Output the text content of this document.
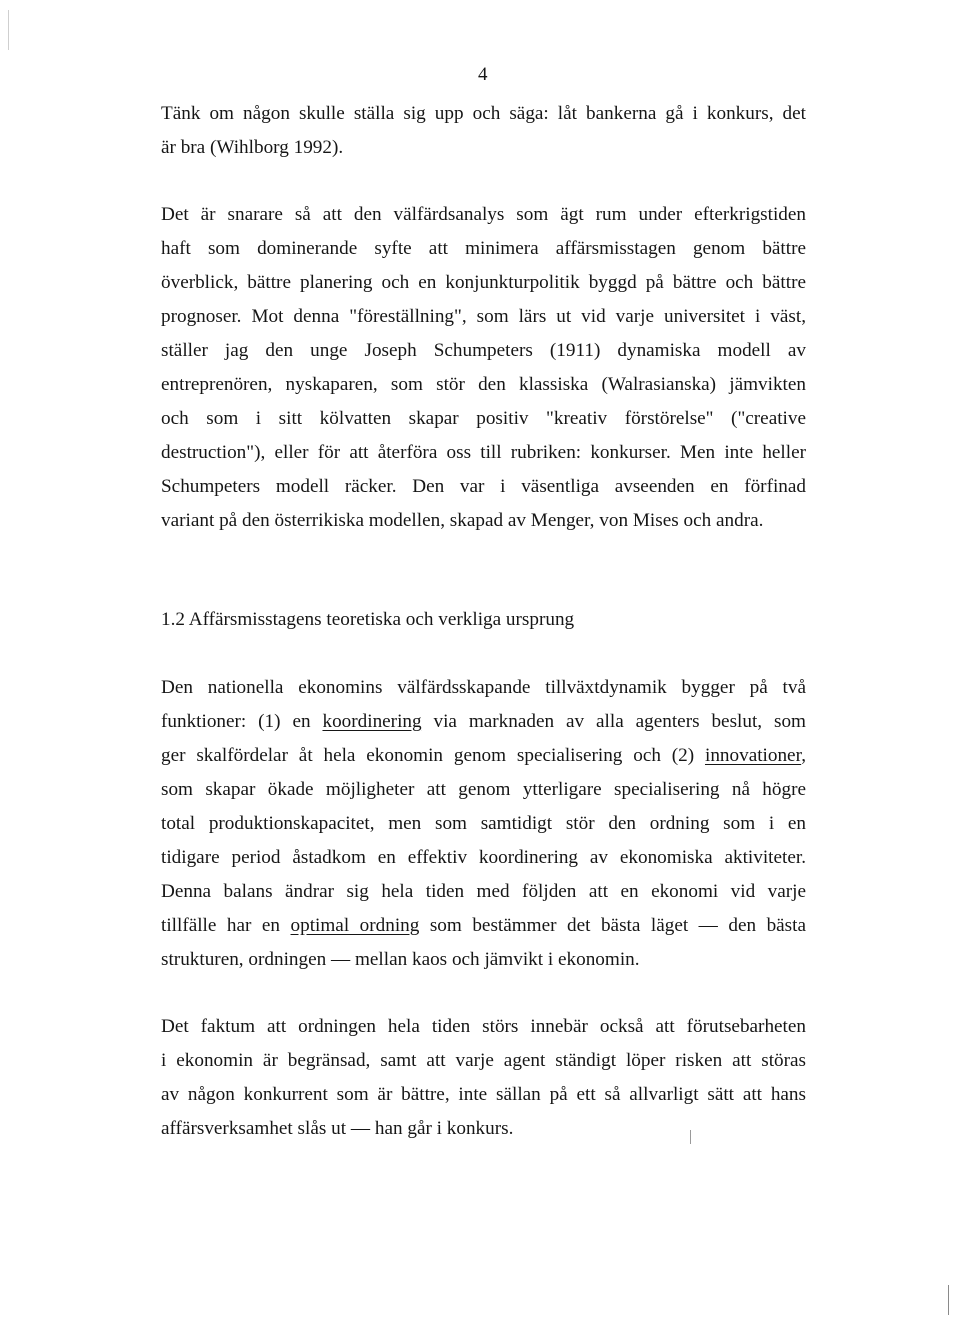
4
Tänk om någon skulle ställa sig upp och säga: låt bankerna gå i konkurs, det
är bra (Wihlborg 1992).
Det är snarare så att den välfärdsanalys som ägt rum under efterkrigstiden
haft som dominerande syfte att minimera affärsmisstagen genom bättre
överblick, bättre planering och en konjunkturpolitik byggd på bättre och bättre
prognoser. Mot denna "föreställning", som lärs ut vid varje universitet i väst,
ställer jag den unge Joseph Schumpeters (1911) dynamiska modell av
entreprenören, nyskaparen, som stör den klassiska (Walrasianska) jämvikten
och som i sitt kölvatten skapar positiv "kreativ förstörelse" ("creative
destruction"), eller för att återföra oss till rubriken: konkurser. Men inte heller
Schumpeters modell räcker. Den var i väsentliga avseenden en förfinad
variant på den österrikiska modellen, skapad av Menger, von Mises och andra.
1.2 Affärsmisstagens teoretiska och verkliga ursprung
Den nationella ekonomins välfärdsskapande tillväxtdynamik bygger på två
funktioner: (1) en koordinering via marknaden av alla agenters beslut, som
ger skalfördelar åt hela ekonomin genom specialisering och (2) innovationer,
som skapar ökade möjligheter att genom ytterligare specialisering nå högre
total produktionskapacitet, men som samtidigt stör den ordning som i en
tidigare period åstadkom en effektiv koordinering av ekonomiska aktiviteter.
Denna balans ändrar sig hela tiden med följden att en ekonomi vid varje
tillfälle har en optimal ordning som bestämmer det bästa läget — den bästa
strukturen, ordningen — mellan kaos och jämvikt i ekonomin.
Det faktum att ordningen hela tiden störs innebär också att förutsebarheten
i ekonomin är begränsad, samt att varje agent ständigt löper risken att störas
av någon konkurrent som är bättre, inte sällan på ett så allvarligt sätt att hans
affärsverksamhet slås ut — han går i konkurs.
